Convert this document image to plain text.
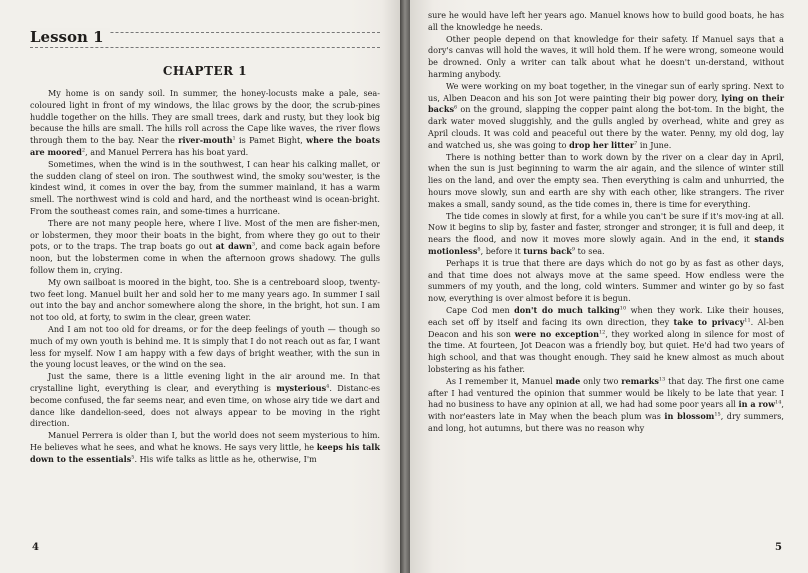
Lesson 1
CHAPTER 1

My home is on sandy soil. In summer, the honey-locusts make a pale, sea-coloured light in front of my windows, the lilac grows by the door, the scrub-pines huddle together on the hills. They are small trees, dark and rusty, but they look big because the hills are small. The hills roll across the Cape like waves, the river flows through them to the bay. Near the river-mouth$^1$ is Pamet Bight, where the boats are moored$^2$, and Manuel Perrera has his boat yard.

Sometimes, when the wind is in the southwest, I can hear his calking mallet, or the sudden clang of steel on iron. The southwest wind, the smoky sou'wester, is the kindest wind, it comes in over the bay, from the summer mainland, it has a warm smell. The northwest wind is cold and hard, and the northeast wind is ocean-bright. From the southeast comes rain, and some-times a hurricane.

There are not many people here, where I live. Most of the men are fisher-men, or lobstermen, they moor their boats in the bight, from where they go out to their pots, or to the traps. The trap boats go out at dawn$^3$, and come back again before noon, but the lobstermen come in when the afternoon grows shadowy. The gulls follow them in, crying.

My own sailboat is moored in the bight, too. She is a centreboard sloop, twenty-two feet long. Manuel built her and sold her to me many years ago. In summer I sail out into the bay and anchor somewhere along the shore, in the bright, hot sun. I am not too old, at forty, to swim in the clear, green water.

And I am not too old for dreams, or for the deep feelings of youth — though so much of my own youth is behind me. It is simply that I do not reach out as far, I want less for myself. Now I am happy with a few days of bright weather, with the sun in the young locust leaves, or the wind on the sea.

Just the same, there is a little evening light in the air around me. In that crystalline light, everything is clear, and everything is mysterious$^4$. Distanc-es become confused, the far seems near, and even time, on whose airy tide we dart and dance like dandelion-seed, does not always appear to be moving in the right direction.

Manuel Perrera is older than I, but the world does not seem mysterious to him. He believes what he sees, and what he knows. He says very little, he keeps his talk down to the essentials$^5$. His wife talks as little as he, otherwise, I'm

4

sure he would have left her years ago. Manuel knows how to build good boats, he has all the knowledge he needs.

Other people depend on that knowledge for their safety. If Manuel says that a dory's canvas will hold the waves, it will hold them. If he were wrong, someone would be drowned. Only a writer can talk about what he doesn't un-derstand, without harming anybody.

We were working on my boat together, in the vinegar sun of early spring. Next to us, Alben Deacon and his son Jot were painting their big power dory, lying on their backs$^6$ on the ground, slapping the copper paint along the bot-tom. In the bight, the dark water moved sluggishly, and the gulls angled by overhead, white and grey as April clouds. It was cold and peaceful out there by the water. Penny, my old dog, lay and watched us, she was going to drop her litter$^7$ in June.

There is nothing better than to work down by the river on a clear day in April, when the sun is just beginning to warm the air again, and the silence of winter still lies on the land, and over the empty sea. Then everything is calm and unhurried, the hours move slowly, sun and earth are shy with each other, like strangers. The river makes a small, sandy sound, as the tide comes in, there is time for everything.

The tide comes in slowly at first, for a while you can't be sure if it's mov-ing at all. Now it begins to slip by, faster and faster, stronger and stronger, it is full and deep, it nears the flood, and now it moves more slowly again. And in the end, it stands motionless$^8$, before it turns back$^9$ to sea.

Perhaps it is true that there are days which do not go by as fast as other days, and that time does not always move at the same speed. How endless were the summers of my youth, and the long, cold winters. Summer and winter go by so fast now, everything is over almost before it is begun.

Cape Cod men don't do much talking$^{10}$ when they work. Like their houses, each set off by itself and facing its own direction, they take to privacy$^{11}$. Al-ben Deacon and his son were no exception$^{12}$, they worked along in silence for most of the time. At fourteen, Jot Deacon was a friendly boy, but quiet. He'd had two years of high school, and that was thought enough. They said he knew almost as much about lobstering as his father.

As I remember it, Manuel made only two remarks$^{13}$ that day. The first one came after I had ventured the opinion that summer would be likely to be late that year. I had no business to have any opinion at all, we had had some poor years all in a row$^{14}$, with nor'easters late in May when the beach plum was in blossom$^{15}$, dry summers, and long, hot autumns, but there was no reason why

5
